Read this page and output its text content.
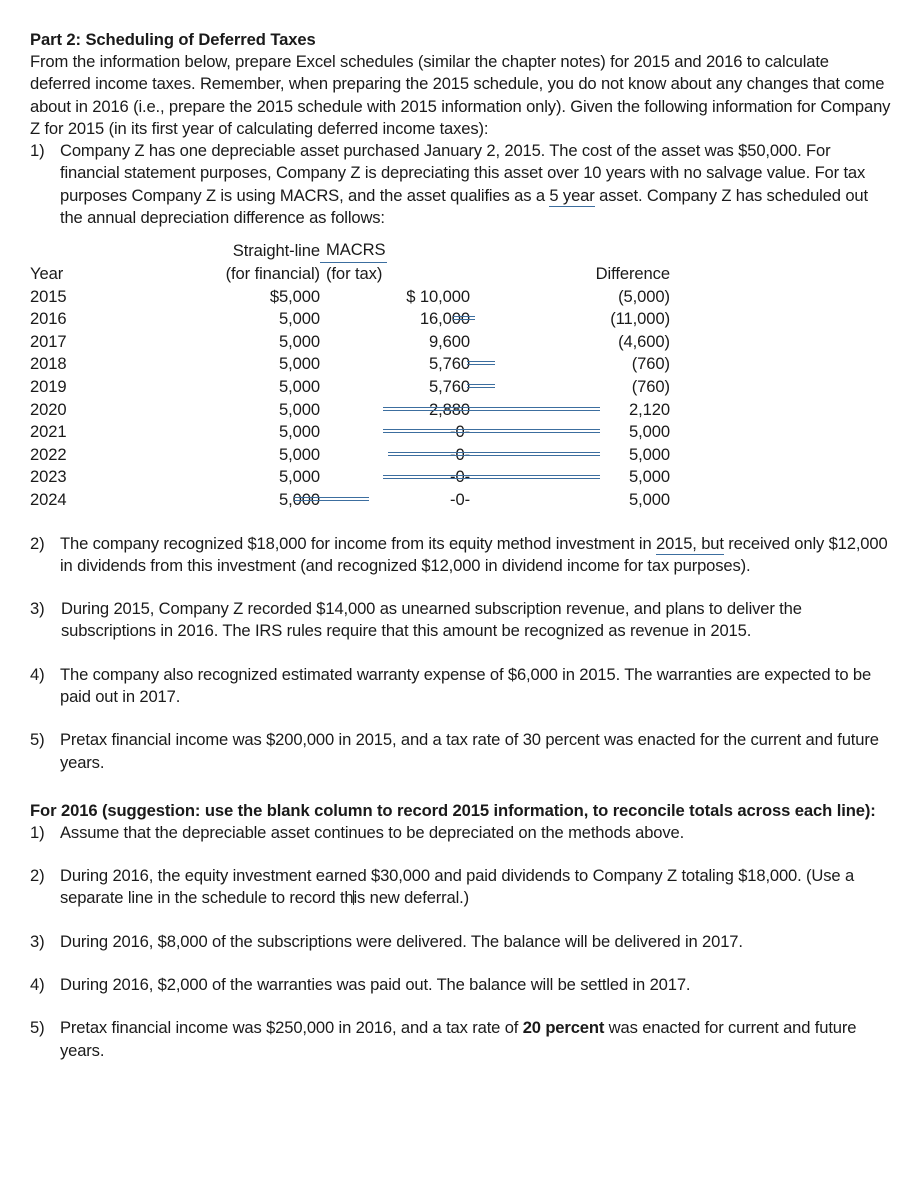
Part 2: Scheduling of Deferred Taxes

From the information below, prepare Excel schedules (similar the chapter notes) for 2015 and 2016 to calculate deferred income taxes. Remember, when preparing the 2015 schedule, you do not know about any changes that come about in 2016 (i.e., prepare the 2015 schedule with 2015 information only). Given the following information for Company Z for 2015 (in its first year of calculating deferred income taxes):

1) Company Z has one depreciable asset purchased January 2, 2015. The cost of the asset was $50,000. For financial statement purposes, Company Z is depreciating this asset over 10 years with no salvage value. For tax purposes Company Z is using MACRS, and the asset qualifies as a 5 year asset. Company Z has scheduled out the annual depreciation difference as follows:
	Straight-line	MACRS	
Year	(for financial)	(for tax)	Difference
2015	$5,000	$ 10,000	(5,000)
2016	5,000	16,000	(11,000)
2017	5,000	9,600	(4,600)
2018	5,000	5,760	(760)
2019	5,000	5,760	(760)
2020	5,000	2,880	2,120
2021	5,000	-0-	5,000
2022	5,000	-0-	5,000
2023	5,000	-0-	5,000
2024	5,000	-0-	5,000
2) The company recognized $18,000 for income from its equity method investment in 2015, but received only $12,000 in dividends from this investment (and recognized $12,000 in dividend income for tax purposes).
3) During 2015, Company Z recorded $14,000 as unearned subscription revenue, and plans to deliver the subscriptions in 2016. The IRS rules require that this amount be recognized as revenue in 2015.
4) The company also recognized estimated warranty expense of $6,000 in 2015. The warranties are expected to be paid out in 2017.
5) Pretax financial income was $200,000 in 2015, and a tax rate of 30 percent was enacted for the current and future years.
For 2016 (suggestion: use the blank column to record 2015 information, to reconcile totals across each line):
1) Assume that the depreciable asset continues to be depreciated on the methods above.
2) During 2016, the equity investment earned $30,000 and paid dividends to Company Z totaling $18,000. (Use a separate line in the schedule to record this new deferral.)
3) During 2016, $8,000 of the subscriptions were delivered. The balance will be delivered in 2017.
4) During 2016, $2,000 of the warranties was paid out. The balance will be settled in 2017.
5) Pretax financial income was $250,000 in 2016, and a tax rate of 20 percent was enacted for current and future years.
